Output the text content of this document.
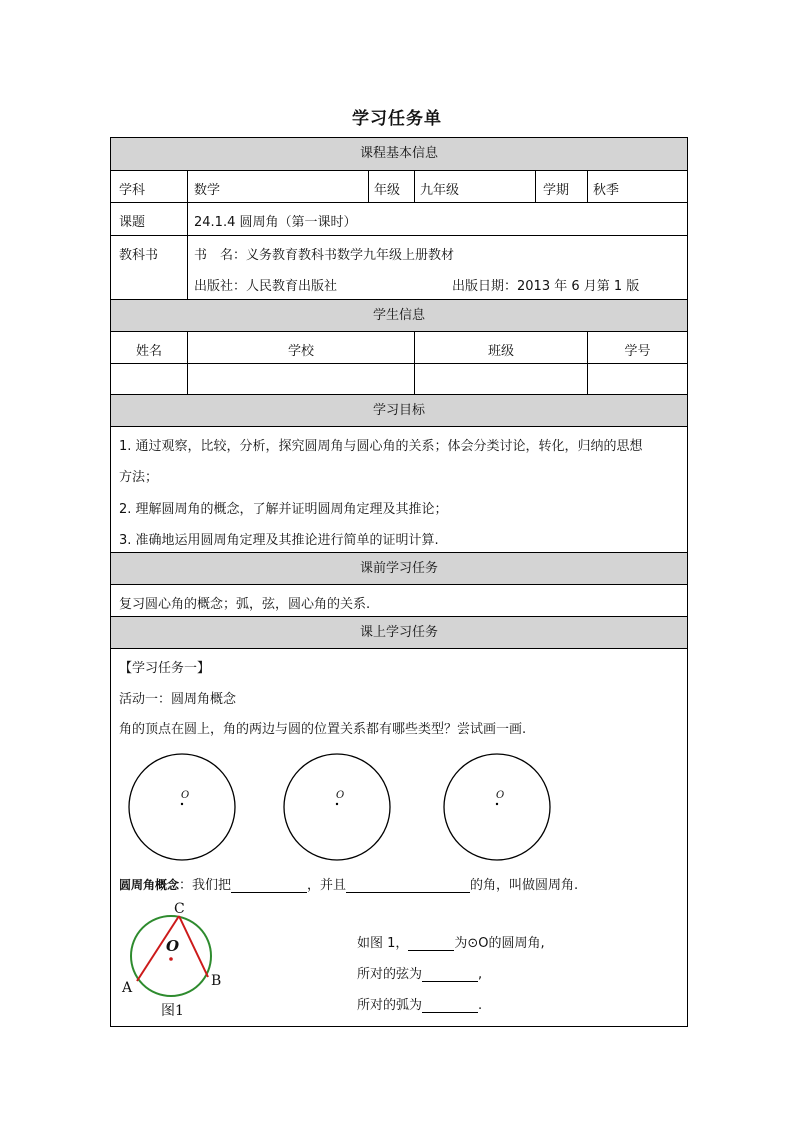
学习任务单
课程基本信息
学生信息
学习目标
课前学习任务
课上学习任务
学科	数学	年级 九年级	学期 秋季
课题	24.1.4 圆周角（第一课时）
教科书	书　名：义务教育教科书数学九年级上册教材
出版社：人民教育出版社	出版日期：2013 年 6 月第 1 版
姓名	学校	班级	学号
1. 通过观察，比较，分析，探究圆周角与圆心角的关系；体会分类讨论，转化，归纳的思想
方法；
2. 理解圆周角的概念，了解并证明圆周角定理及其推论；
3. 准确地运用圆周角定理及其推论进行简单的证明计算.
复习圆心角的概念；弧，弦，圆心角的关系.
【学习任务一】
活动一：圆周角概念
角的顶点在圆上，角的两边与圆的位置关系都有哪些类型？尝试画一画.
O	O	O
圆周角概念：我们把	，并且	的角，叫做圆周角.
C
O
A	B
图1
如图 1，	为⊙O的圆周角,
所对的弦为	,
所对的弧为	.
